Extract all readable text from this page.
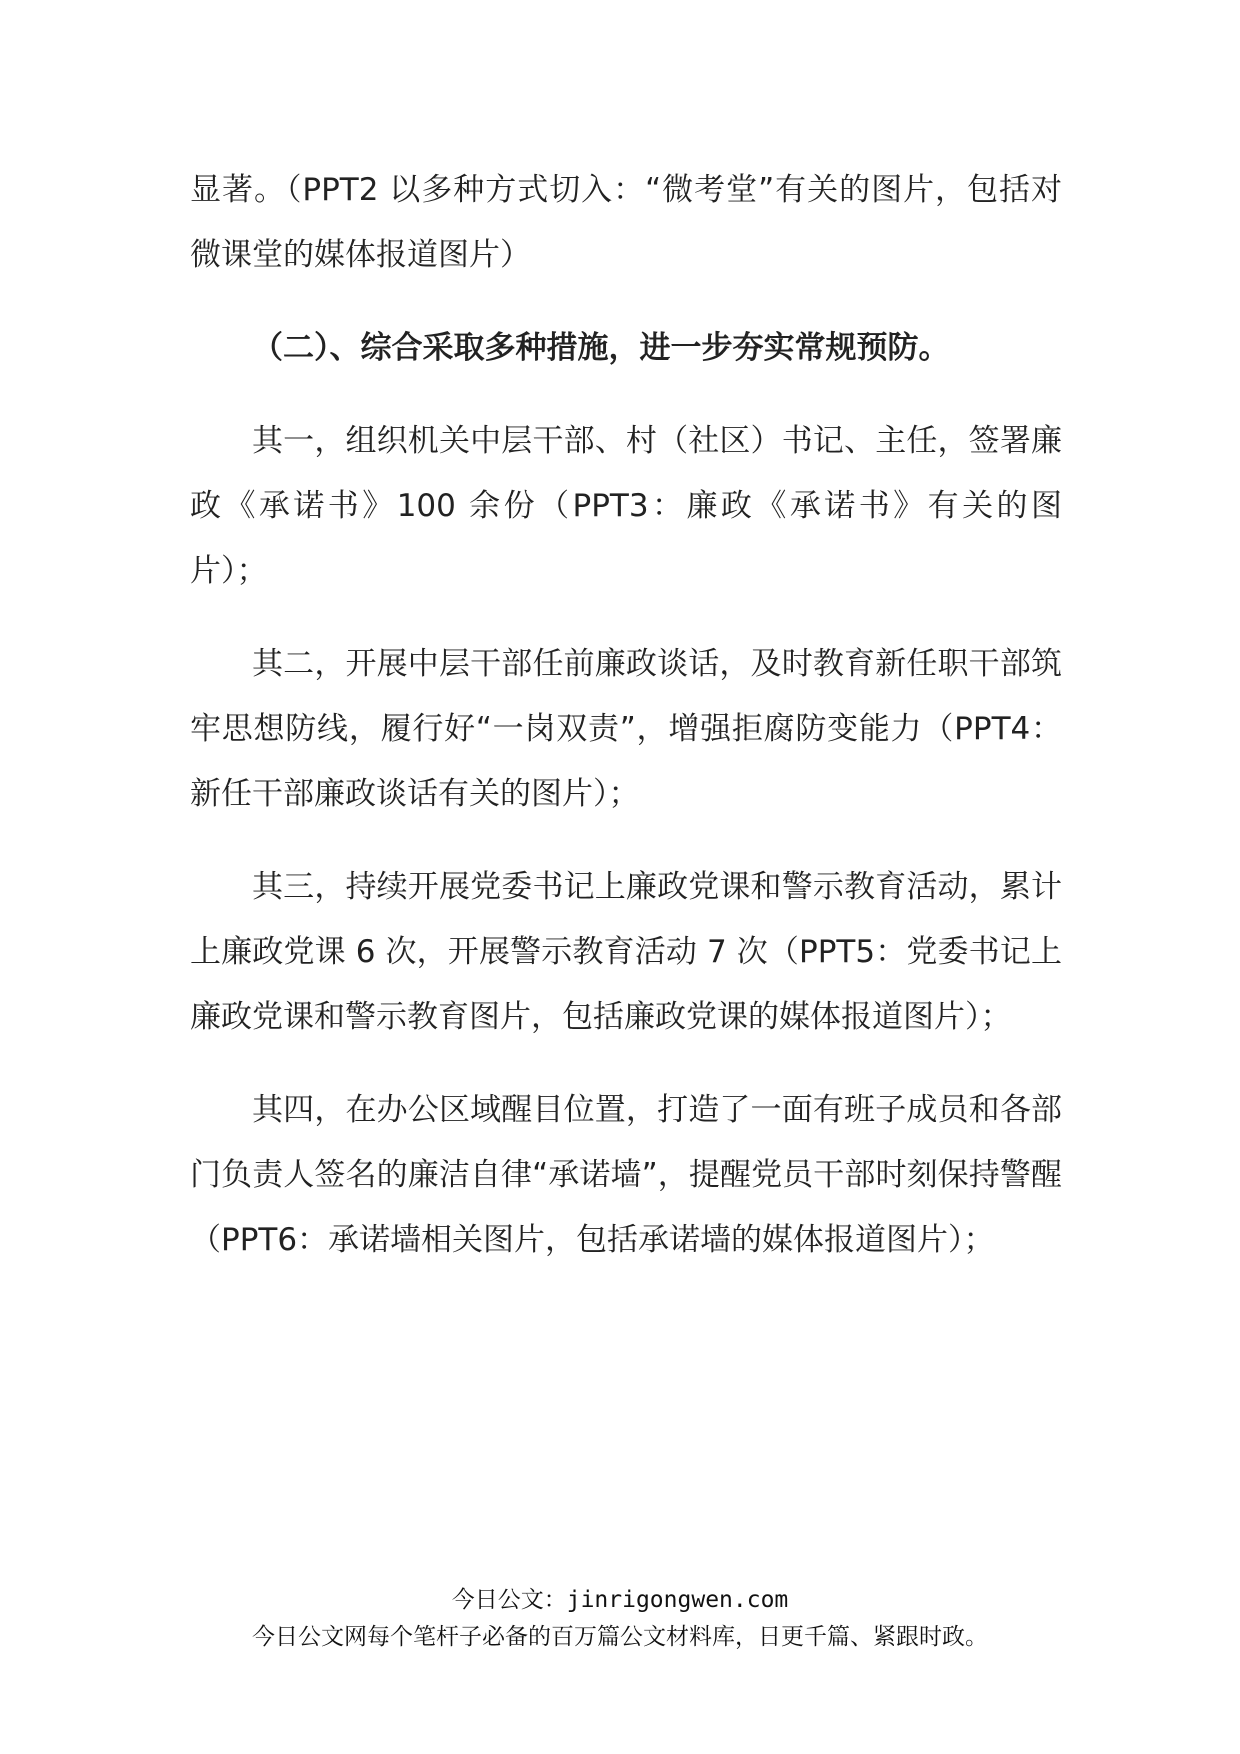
显著。（PPT2 以多种方式切入：“微考堂”有关的图片，包括对微课堂的媒体报道图片）

（二）、综合采取多种措施，进一步夯实常规预防。

其一，组织机关中层干部、村（社区）书记、主任，签署廉政《承诺书》100 余份（PPT3：廉政《承诺书》有关的图片）；

其二，开展中层干部任前廉政谈话，及时教育新任职干部筑牢思想防线，履行好“一岗双责”，增强拒腐防变能力（PPT4：新任干部廉政谈话有关的图片）；

其三，持续开展党委书记上廉政党课和警示教育活动，累计上廉政党课 6 次，开展警示教育活动 7 次（PPT5：党委书记上廉政党课和警示教育图片，包括廉政党课的媒体报道图片）；

其四，在办公区域醒目位置，打造了一面有班子成员和各部门负责人签名的廉洁自律“承诺墙”，提醒党员干部时刻保持警醒（PPT6：承诺墙相关图片，包括承诺墙的媒体报道图片）；

今日公文：jinrigongwen.com
今日公文网每个笔杆子必备的百万篇公文材料库，日更千篇、紧跟时政。
